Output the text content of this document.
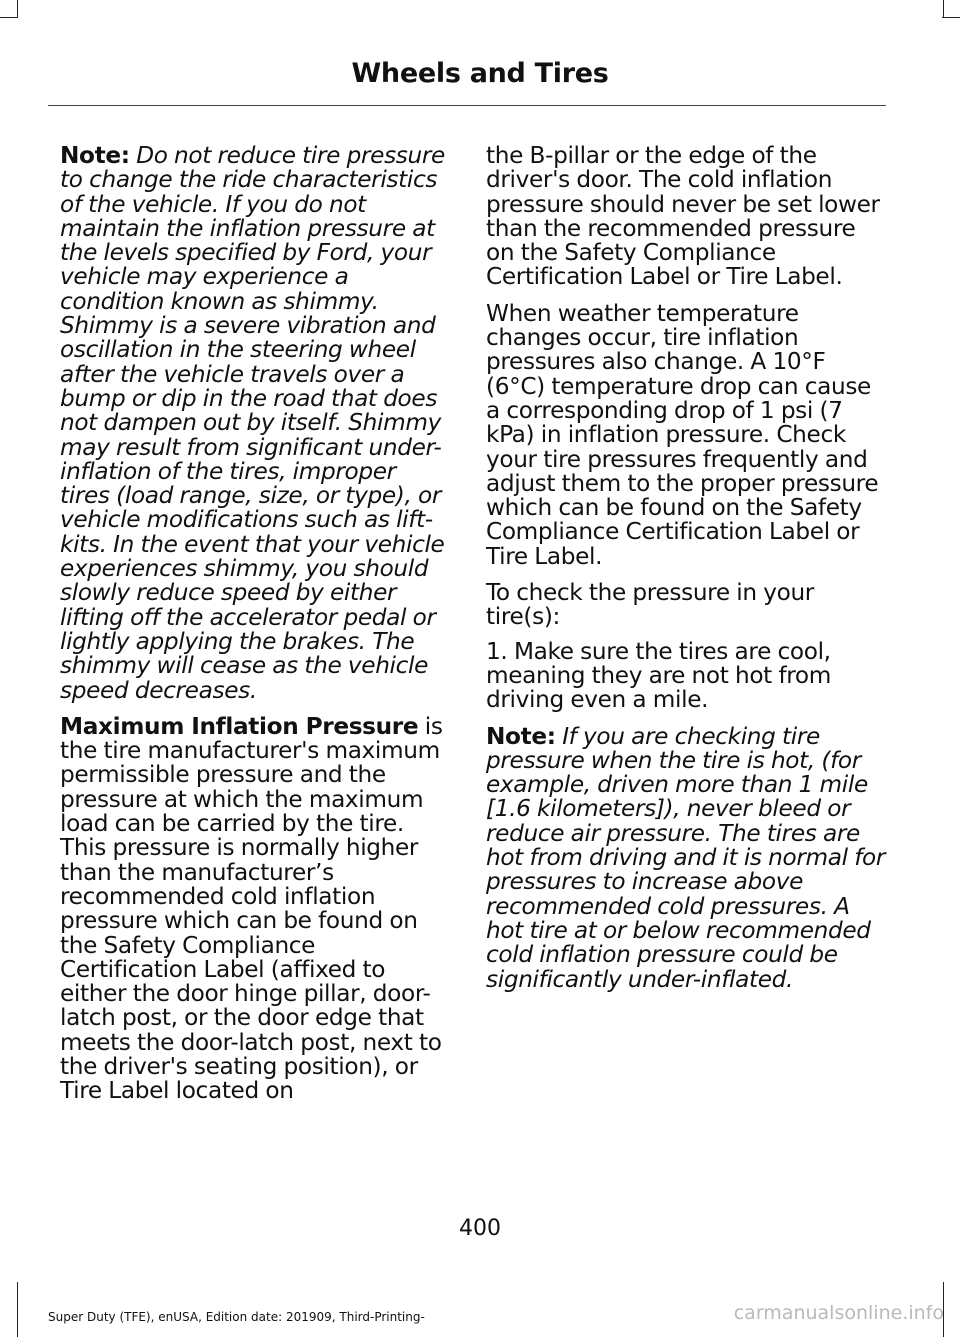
Wheels and Tires

Note: Do not reduce tire pressure to change the ride characteristics of the vehicle. If you do not maintain the inflation pressure at the levels specified by Ford, your vehicle may experience a condition known as shimmy. Shimmy is a severe vibration and oscillation in the steering wheel after the vehicle travels over a bump or dip in the road that does not dampen out by itself. Shimmy may result from significant under-inflation of the tires, improper tires (load range, size, or type), or vehicle modifications such as lift-kits. In the event that your vehicle experiences shimmy, you should slowly reduce speed by either lifting off the accelerator pedal or lightly applying the brakes. The shimmy will cease as the vehicle speed decreases.

Maximum Inflation Pressure is the tire manufacturer's maximum permissible pressure and the pressure at which the maximum load can be carried by the tire. This pressure is normally higher than the manufacturer’s recommended cold inflation pressure which can be found on the Safety Compliance Certification Label (affixed to either the door hinge pillar, door-latch post, or the door edge that meets the door-latch post, next to the driver's seating position), or Tire Label located on

the B-pillar or the edge of the driver's door. The cold inflation pressure should never be set lower than the recommended pressure on the Safety Compliance Certification Label or Tire Label.

When weather temperature changes occur, tire inflation pressures also change. A 10°F (6°C) temperature drop can cause a corresponding drop of 1 psi (7 kPa) in inflation pressure. Check your tire pressures frequently and adjust them to the proper pressure which can be found on the Safety Compliance Certification Label or Tire Label.

To check the pressure in your tire(s):

1. Make sure the tires are cool, meaning they are not hot from driving even a mile.

Note: If you are checking tire pressure when the tire is hot, (for example, driven more than 1 mile [1.6 kilometers]), never bleed or reduce air pressure. The tires are hot from driving and it is normal for pressures to increase above recommended cold pressures. A hot tire at or below recommended cold inflation pressure could be significantly under-inflated.

400
Super Duty (TFE), enUSA, Edition date: 201909, Third-Printing-	carmanualsonline.info
